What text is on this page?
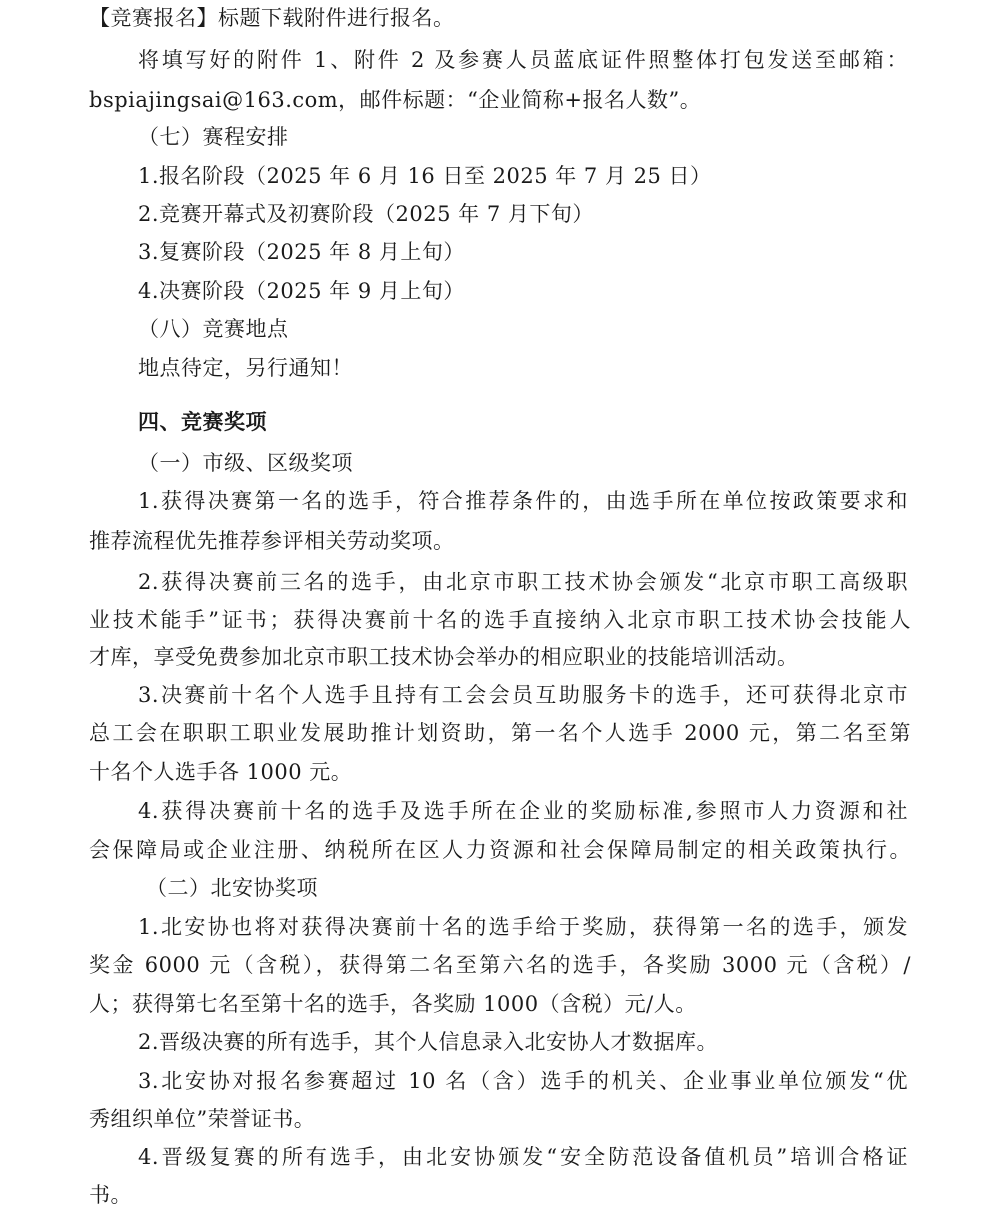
【竞赛报名】标题下载附件进行报名。
将填写好的附件 1、附件 2 及参赛人员蓝底证件照整体打包发送至邮箱：
bspiajingsai@163.com，邮件标题：“企业简称+报名人数”。
（七）赛程安排
1.报名阶段（2025 年 6 月 16 日至 2025 年 7 月 25 日）
2.竞赛开幕式及初赛阶段（2025 年 7 月下旬）
3.复赛阶段（2025 年 8 月上旬）
4.决赛阶段（2025 年 9 月上旬）
（八）竞赛地点
地点待定，另行通知！
四、竞赛奖项
（一）市级、区级奖项
1.获得决赛第一名的选手，符合推荐条件的，由选手所在单位按政策要求和
推荐流程优先推荐参评相关劳动奖项。
2.获得决赛前三名的选手，由北京市职工技术协会颁发“北京市职工高级职
业技术能手”证书；获得决赛前十名的选手直接纳入北京市职工技术协会技能人
才库，享受免费参加北京市职工技术协会举办的相应职业的技能培训活动。
3.决赛前十名个人选手且持有工会会员互助服务卡的选手，还可获得北京市
总工会在职职工职业发展助推计划资助，第一名个人选手 2000 元，第二名至第
十名个人选手各 1000 元。
4.获得决赛前十名的选手及选手所在企业的奖励标准,参照市人力资源和社
会保障局或企业注册、纳税所在区人力资源和社会保障局制定的相关政策执行。
（二）北安协奖项
1.北安协也将对获得决赛前十名的选手给于奖励，获得第一名的选手，颁发
奖金 6000 元（含税），获得第二名至第六名的选手，各奖励 3000 元（含税）/
人；获得第七名至第十名的选手，各奖励 1000（含税）元/人。
2.晋级决赛的所有选手，其个人信息录入北安协人才数据库。
3.北安协对报名参赛超过 10 名（含）选手的机关、企业事业单位颁发“优
秀组织单位”荣誉证书。
4.晋级复赛的所有选手，由北安协颁发“安全防范设备值机员”培训合格证
书。
